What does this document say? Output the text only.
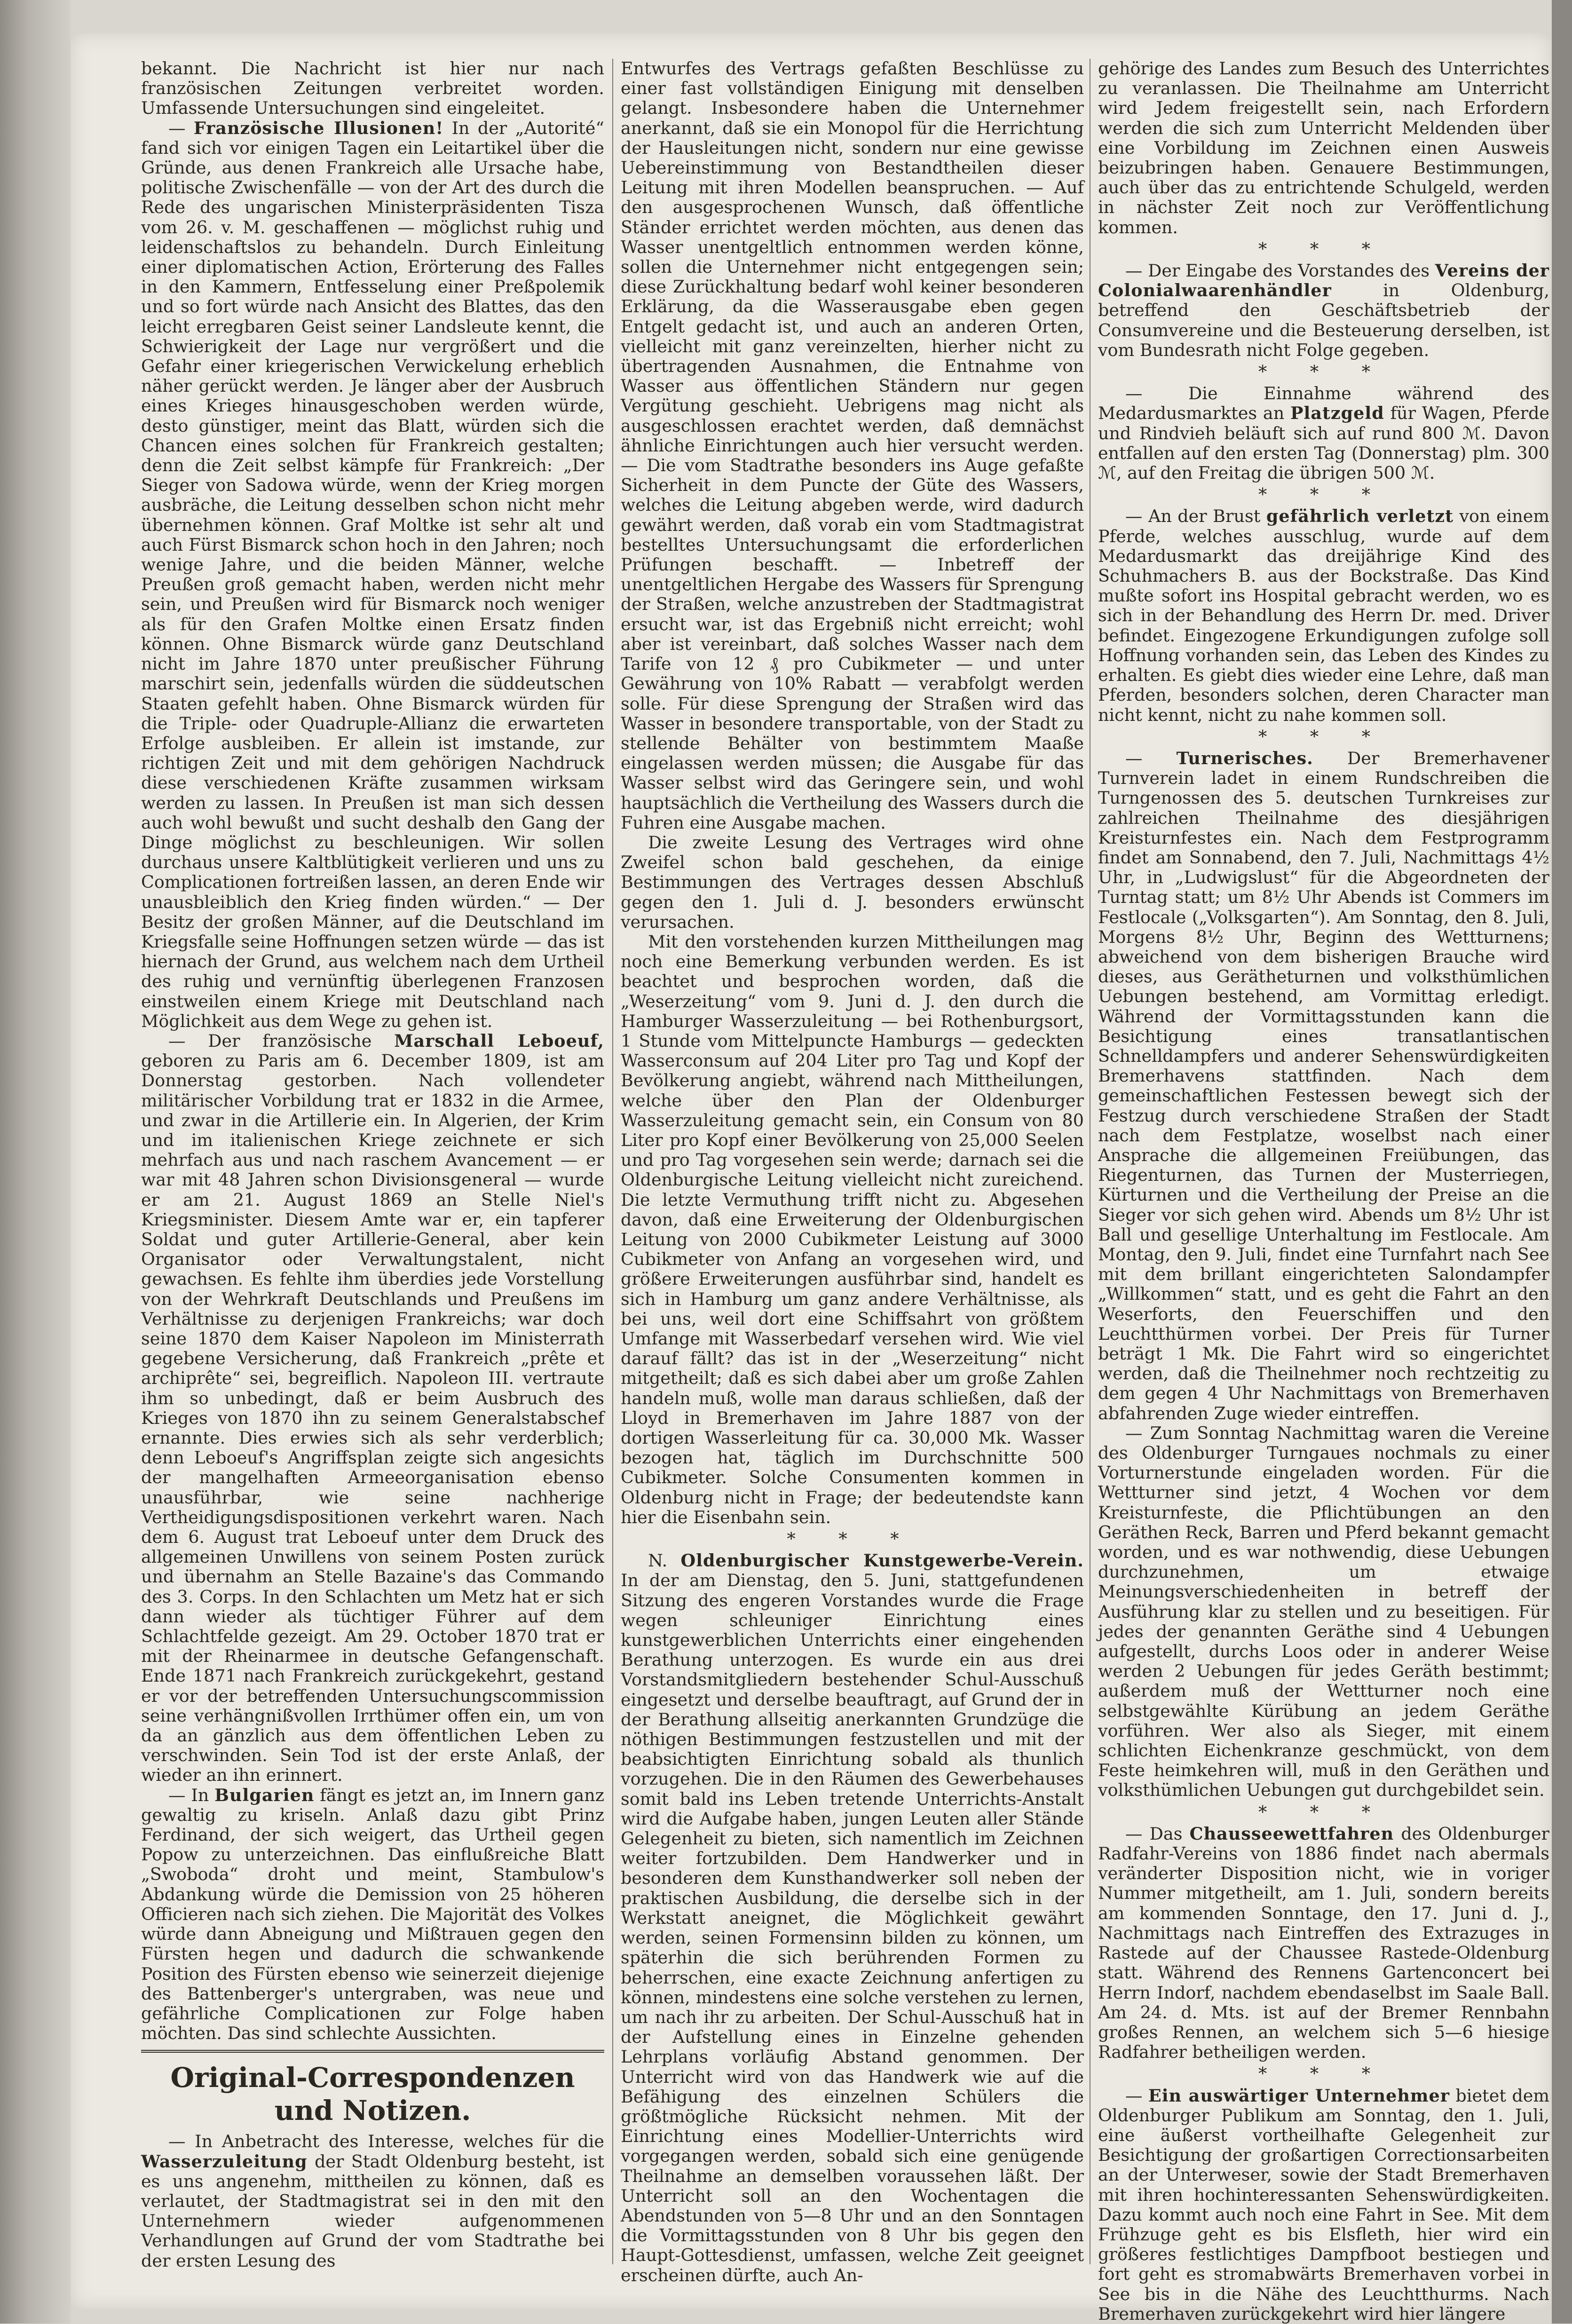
bekannt. Die Nachricht ist hier nur nach französischen Zeitungen verbreitet worden. Umfassende Untersuchungen sind eingeleitet.

— Französische Illusionen! In der „Autorité“ fand sich vor einigen Tagen ein Leitartikel über die Gründe, aus denen Frankreich alle Ursache habe, politische Zwischenfälle — von der Art des durch die Rede des ungarischen Ministerpräsidenten Tisza vom 26. v. M. geschaffenen — möglichst ruhig und leidenschaftslos zu behandeln. Durch Einleitung einer diplomatischen Action, Erörterung des Falles in den Kammern, Entfesselung einer Preßpolemik und so fort würde nach Ansicht des Blattes, das den leicht erregbaren Geist seiner Landsleute kennt, die Schwierigkeit der Lage nur vergrößert und die Gefahr einer kriegerischen Verwickelung erheblich näher gerückt werden. Je länger aber der Ausbruch eines Krieges hinausgeschoben werden würde, desto günstiger, meint das Blatt, würden sich die Chancen eines solchen für Frankreich gestalten; denn die Zeit selbst kämpfe für Frankreich: „Der Sieger von Sadowa würde, wenn der Krieg morgen ausbräche, die Leitung desselben schon nicht mehr übernehmen können. Graf Moltke ist sehr alt und auch Fürst Bismarck schon hoch in den Jahren; noch wenige Jahre, und die beiden Männer, welche Preußen groß gemacht haben, werden nicht mehr sein, und Preußen wird für Bismarck noch weniger als für den Grafen Moltke einen Ersatz finden können. Ohne Bismarck würde ganz Deutschland nicht im Jahre 1870 unter preußischer Führung marschirt sein, jedenfalls würden die süddeutschen Staaten gefehlt haben. Ohne Bismarck würden für die Triple- oder Quadruple-Allianz die erwarteten Erfolge ausbleiben. Er allein ist imstande, zur richtigen Zeit und mit dem gehörigen Nachdruck diese verschiedenen Kräfte zusammen wirksam werden zu lassen. In Preußen ist man sich dessen auch wohl bewußt und sucht deshalb den Gang der Dinge möglichst zu beschleunigen. Wir sollen durchaus unsere Kaltblütigkeit verlieren und uns zu Complicationen fortreißen lassen, an deren Ende wir unausbleiblich den Krieg finden würden.“ — Der Besitz der großen Männer, auf die Deutschland im Kriegsfalle seine Hoffnungen setzen würde — das ist hiernach der Grund, aus welchem nach dem Urtheil des ruhig und vernünftig überlegenen Franzosen einstweilen einem Kriege mit Deutschland nach Möglichkeit aus dem Wege zu gehen ist.

— Der französische Marschall Leboeuf, geboren zu Paris am 6. December 1809, ist am Donnerstag gestorben. Nach vollendeter militärischer Vorbildung trat er 1832 in die Armee, und zwar in die Artillerie ein. In Algerien, der Krim und im italienischen Kriege zeichnete er sich mehrfach aus und nach raschem Avancement — er war mit 48 Jahren schon Divisionsgeneral — wurde er am 21. August 1869 an Stelle Niel's Kriegsminister. Diesem Amte war er, ein tapferer Soldat und guter Artillerie-General, aber kein Organisator oder Verwaltungstalent, nicht gewachsen. Es fehlte ihm überdies jede Vorstellung von der Wehrkraft Deutschlands und Preußens im Verhältnisse zu derjenigen Frankreichs; war doch seine 1870 dem Kaiser Napoleon im Ministerrath gegebene Versicherung, daß Frankreich „prête et archiprête“ sei, begreiflich. Napoleon III. vertraute ihm so unbedingt, daß er beim Ausbruch des Krieges von 1870 ihn zu seinem Generalstabschef ernannte. Dies erwies sich als sehr verderblich; denn Leboeuf's Angriffsplan zeigte sich angesichts der mangelhaften Armeeorganisation ebenso unausführbar, wie seine nachherige Vertheidigungsdispositionen verkehrt waren. Nach dem 6. August trat Leboeuf unter dem Druck des allgemeinen Unwillens von seinem Posten zurück und übernahm an Stelle Bazaine's das Commando des 3. Corps. In den Schlachten um Metz hat er sich dann wieder als tüchtiger Führer auf dem Schlachtfelde gezeigt. Am 29. October 1870 trat er mit der Rheinarmee in deutsche Gefangenschaft. Ende 1871 nach Frankreich zurückgekehrt, gestand er vor der betreffenden Untersuchungscommission seine verhängnißvollen Irrthümer offen ein, um von da an gänzlich aus dem öffentlichen Leben zu verschwinden. Sein Tod ist der erste Anlaß, der wieder an ihn erinnert.

— In Bulgarien fängt es jetzt an, im Innern ganz gewaltig zu kriseln. Anlaß dazu gibt Prinz Ferdinand, der sich weigert, das Urtheil gegen Popow zu unterzeichnen. Das einflußreiche Blatt „Swoboda“ droht und meint, Stambulow's Abdankung würde die Demission von 25 höheren Officieren nach sich ziehen. Die Majorität des Volkes würde dann Abneigung und Mißtrauen gegen den Fürsten hegen und dadurch die schwankende Position des Fürsten ebenso wie seinerzeit diejenige des Battenberger's untergraben, was neue und gefährliche Complicationen zur Folge haben möchten. Das sind schlechte Aussichten.

Original-Correspondenzen und Notizen.

— In Anbetracht des Interesse, welches für die Wasserzuleitung der Stadt Oldenburg besteht, ist es uns angenehm, mittheilen zu können, daß es verlautet, der Stadtmagistrat sei in den mit den Unternehmern wieder aufgenommenen Verhandlungen auf Grund der vom Stadtrathe bei der ersten Lesung des

Entwurfes des Vertrags gefaßten Beschlüsse zu einer fast vollständigen Einigung mit denselben gelangt. Insbesondere haben die Unternehmer anerkannt, daß sie ein Monopol für die Herrichtung der Hausleitungen nicht, sondern nur eine gewisse Uebereinstimmung von Bestandtheilen dieser Leitung mit ihren Modellen beanspruchen. — Auf den ausgesprochenen Wunsch, daß öffentliche Ständer errichtet werden möchten, aus denen das Wasser unentgeltlich entnommen werden könne, sollen die Unternehmer nicht entgegengen sein; diese Zurückhaltung bedarf wohl keiner besonderen Erklärung, da die Wasserausgabe eben gegen Entgelt gedacht ist, und auch an anderen Orten, vielleicht mit ganz vereinzelten, hierher nicht zu übertragenden Ausnahmen, die Entnahme von Wasser aus öffentlichen Ständern nur gegen Vergütung geschieht. Uebrigens mag nicht als ausgeschlossen erachtet werden, daß demnächst ähnliche Einrichtungen auch hier versucht werden. — Die vom Stadtrathe besonders ins Auge gefaßte Sicherheit in dem Puncte der Güte des Wassers, welches die Leitung abgeben werde, wird dadurch gewährt werden, daß vorab ein vom Stadtmagistrat bestelltes Untersuchungsamt die erforderlichen Prüfungen beschafft. — Inbetreff der unentgeltlichen Hergabe des Wassers für Sprengung der Straßen, welche anzustreben der Stadtmagistrat ersucht war, ist das Ergebniß nicht erreicht; wohl aber ist vereinbart, daß solches Wasser nach dem Tarife von 12 ₰ pro Cubikmeter — und unter Gewährung von 10% Rabatt — verabfolgt werden solle. Für diese Sprengung der Straßen wird das Wasser in besondere transportable, von der Stadt zu stellende Behälter von bestimmtem Maaße eingelassen werden müssen; die Ausgabe für das Wasser selbst wird das Geringere sein, und wohl hauptsächlich die Vertheilung des Wassers durch die Fuhren eine Ausgabe machen.

Die zweite Lesung des Vertrages wird ohne Zweifel schon bald geschehen, da einige Bestimmungen des Vertrages dessen Abschluß gegen den 1. Juli d. J. besonders erwünscht verursachen.

Mit den vorstehenden kurzen Mittheilungen mag noch eine Bemerkung verbunden werden. Es ist beachtet und besprochen worden, daß die „Weserzeitung“ vom 9. Juni d. J. den durch die Hamburger Wasserzuleitung — bei Rothenburgsort, 1 Stunde vom Mittelpuncte Hamburgs — gedeckten Wasserconsum auf 204 Liter pro Tag und Kopf der Bevölkerung angiebt, während nach Mittheilungen, welche über den Plan der Oldenburger Wasserzuleitung gemacht sein, ein Consum von 80 Liter pro Kopf einer Bevölkerung von 25,000 Seelen und pro Tag vorgesehen sein werde; darnach sei die Oldenburgische Leitung vielleicht nicht zureichend. Die letzte Vermuthung trifft nicht zu. Abgesehen davon, daß eine Erweiterung der Oldenburgischen Leitung von 2000 Cubikmeter Leistung auf 3000 Cubikmeter von Anfang an vorgesehen wird, und größere Erweiterungen ausführbar sind, handelt es sich in Hamburg um ganz andere Verhältnisse, als bei uns, weil dort eine Schiffsahrt von größtem Umfange mit Wasserbedarf versehen wird. Wie viel darauf fällt? das ist in der „Weserzeitung“ nicht mitgetheilt; daß es sich dabei aber um große Zahlen handeln muß, wolle man daraus schließen, daß der Lloyd in Bremerhaven im Jahre 1887 von der dortigen Wasserleitung für ca. 30,000 Mk. Wasser bezogen hat, täglich im Durchschnitte 500 Cubikmeter. Solche Consumenten kommen in Oldenburg nicht in Frage; der bedeutendste kann hier die Eisenbahn sein.

* * *

N. Oldenburgischer Kunstgewerbe-Verein. In der am Dienstag, den 5. Juni, stattgefundenen Sitzung des engeren Vorstandes wurde die Frage wegen schleuniger Einrichtung eines kunstgewerblichen Unterrichts einer eingehenden Berathung unterzogen. Es wurde ein aus drei Vorstandsmitgliedern bestehender Schul-Ausschuß eingesetzt und derselbe beauftragt, auf Grund der in der Berathung allseitig anerkannten Grundzüge die nöthigen Bestimmungen festzustellen und mit der beabsichtigten Einrichtung sobald als thunlich vorzugehen. Die in den Räumen des Gewerbehauses somit bald ins Leben tretende Unterrichts-Anstalt wird die Aufgabe haben, jungen Leuten aller Stände Gelegenheit zu bieten, sich namentlich im Zeichnen weiter fortzubilden. Dem Handwerker und in besonderen dem Kunsthandwerker soll neben der praktischen Ausbildung, die derselbe sich in der Werkstatt aneignet, die Möglichkeit gewährt werden, seinen Formensinn bilden zu können, um späterhin die sich berührenden Formen zu beherrschen, eine exacte Zeichnung anfertigen zu können, mindestens eine solche verstehen zu lernen, um nach ihr zu arbeiten. Der Schul-Ausschuß hat in der Aufstellung eines in Einzelne gehenden Lehrplans vorläufig Abstand genommen. Der Unterricht wird von das Handwerk wie auf die Befähigung des einzelnen Schülers die größtmögliche Rücksicht nehmen. Mit der Einrichtung eines Modellier-Unterrichts wird vorgegangen werden, sobald sich eine genügende Theilnahme an demselben voraussehen läßt. Der Unterricht soll an den Wochentagen die Abendstunden von 5—8 Uhr und an den Sonntagen die Vormittagsstunden von 8 Uhr bis gegen den Haupt-Gottesdienst, umfassen, welche Zeit geeignet erscheinen dürfte, auch An-

gehörige des Landes zum Besuch des Unterrichtes zu veranlassen. Die Theilnahme am Unterricht wird Jedem freigestellt sein, nach Erfordern werden die sich zum Unterricht Meldenden über eine Vorbildung im Zeichnen einen Ausweis beizubringen haben. Genauere Bestimmungen, auch über das zu entrichtende Schulgeld, werden in nächster Zeit noch zur Veröffentlichung kommen.

* * *

— Der Eingabe des Vorstandes des Vereins der Colonialwaarenhändler in Oldenburg, betreffend den Geschäftsbetrieb der Consumvereine und die Besteuerung derselben, ist vom Bundesrath nicht Folge gegeben.

* * *

— Die Einnahme während des Medardusmarktes an Platzgeld für Wagen, Pferde und Rindvieh beläuft sich auf rund 800 ℳ. Davon entfallen auf den ersten Tag (Donnerstag) plm. 300 ℳ, auf den Freitag die übrigen 500 ℳ.

* * *

— An der Brust gefährlich verletzt von einem Pferde, welches ausschlug, wurde auf dem Medardusmarkt das dreijährige Kind des Schuhmachers B. aus der Bockstraße. Das Kind mußte sofort ins Hospital gebracht werden, wo es sich in der Behandlung des Herrn Dr. med. Driver befindet. Eingezogene Erkundigungen zufolge soll Hoffnung vorhanden sein, das Leben des Kindes zu erhalten. Es giebt dies wieder eine Lehre, daß man Pferden, besonders solchen, deren Character man nicht kennt, nicht zu nahe kommen soll.

* * *

— Turnerisches. Der Bremerhavener Turnverein ladet in einem Rundschreiben die Turngenossen des 5. deutschen Turnkreises zur zahlreichen Theilnahme des diesjährigen Kreisturnfestes ein. Nach dem Festprogramm findet am Sonnabend, den 7. Juli, Nachmittags 4½ Uhr, in „Ludwigslust“ für die Abgeordneten der Turntag statt; um 8½ Uhr Abends ist Commers im Festlocale („Volksgarten“). Am Sonntag, den 8. Juli, Morgens 8½ Uhr, Beginn des Wettturnens; abweichend von dem bisherigen Brauche wird dieses, aus Gerätheturnen und volksthümlichen Uebungen bestehend, am Vormittag erledigt. Während der Vormittagsstunden kann die Besichtigung eines transatlantischen Schnelldampfers und anderer Sehenswürdigkeiten Bremerhavens stattfinden. Nach dem gemeinschaftlichen Festessen bewegt sich der Festzug durch verschiedene Straßen der Stadt nach dem Festplatze, woselbst nach einer Ansprache die allgemeinen Freiübungen, das Riegenturnen, das Turnen der Musterriegen, Kürturnen und die Vertheilung der Preise an die Sieger vor sich gehen wird. Abends um 8½ Uhr ist Ball und gesellige Unterhaltung im Festlocale. Am Montag, den 9. Juli, findet eine Turnfahrt nach See mit dem brillant eingerichteten Salondampfer „Willkommen“ statt, und es geht die Fahrt an den Weserforts, den Feuerschiffen und den Leuchtthürmen vorbei. Der Preis für Turner beträgt 1 Mk. Die Fahrt wird so eingerichtet werden, daß die Theilnehmer noch rechtzeitig zu dem gegen 4 Uhr Nachmittags von Bremerhaven abfahrenden Zuge wieder eintreffen.

— Zum Sonntag Nachmittag waren die Vereine des Oldenburger Turngaues nochmals zu einer Vorturnerstunde eingeladen worden. Für die Wettturner sind jetzt, 4 Wochen vor dem Kreisturnfeste, die Pflichtübungen an den Geräthen Reck, Barren und Pferd bekannt gemacht worden, und es war nothwendig, diese Uebungen durchzunehmen, um etwaige Meinungsverschiedenheiten in betreff der Ausführung klar zu stellen und zu beseitigen. Für jedes der genannten Geräthe sind 4 Uebungen aufgestellt, durchs Loos oder in anderer Weise werden 2 Uebungen für jedes Geräth bestimmt; außerdem muß der Wettturner noch eine selbstgewählte Kürübung an jedem Geräthe vorführen. Wer also als Sieger, mit einem schlichten Eichenkranze geschmückt, von dem Feste heimkehren will, muß in den Geräthen und volksthümlichen Uebungen gut durchgebildet sein.

* * *

— Das Chausseewettfahren des Oldenburger Radfahr-Vereins von 1886 findet nach abermals veränderter Disposition nicht, wie in voriger Nummer mitgetheilt, am 1. Juli, sondern bereits am kommenden Sonntage, den 17. Juni d. J., Nachmittags nach Eintreffen des Extrazuges in Rastede auf der Chaussee Rastede-Oldenburg statt. Während des Rennens Gartenconcert bei Herrn Indorf, nachdem ebendaselbst im Saale Ball. Am 24. d. Mts. ist auf der Bremer Rennbahn großes Rennen, an welchem sich 5—6 hiesige Radfahrer betheiligen werden.

* * *

— Ein auswärtiger Unternehmer bietet dem Oldenburger Publikum am Sonntag, den 1. Juli, eine äußerst vortheilhafte Gelegenheit zur Besichtigung der großartigen Correctionsarbeiten an der Unterweser, sowie der Stadt Bremerhaven mit ihren hochinteressanten Sehenswürdigkeiten. Dazu kommt auch noch eine Fahrt in See. Mit dem Frühzuge geht es bis Elsfleth, hier wird ein größeres festlichtiges Dampfboot bestiegen und fort geht es stromabwärts Bremerhaven vorbei in See bis in die Nähe des Leuchtthurms. Nach Bremerhaven zurückgekehrt wird hier längere
